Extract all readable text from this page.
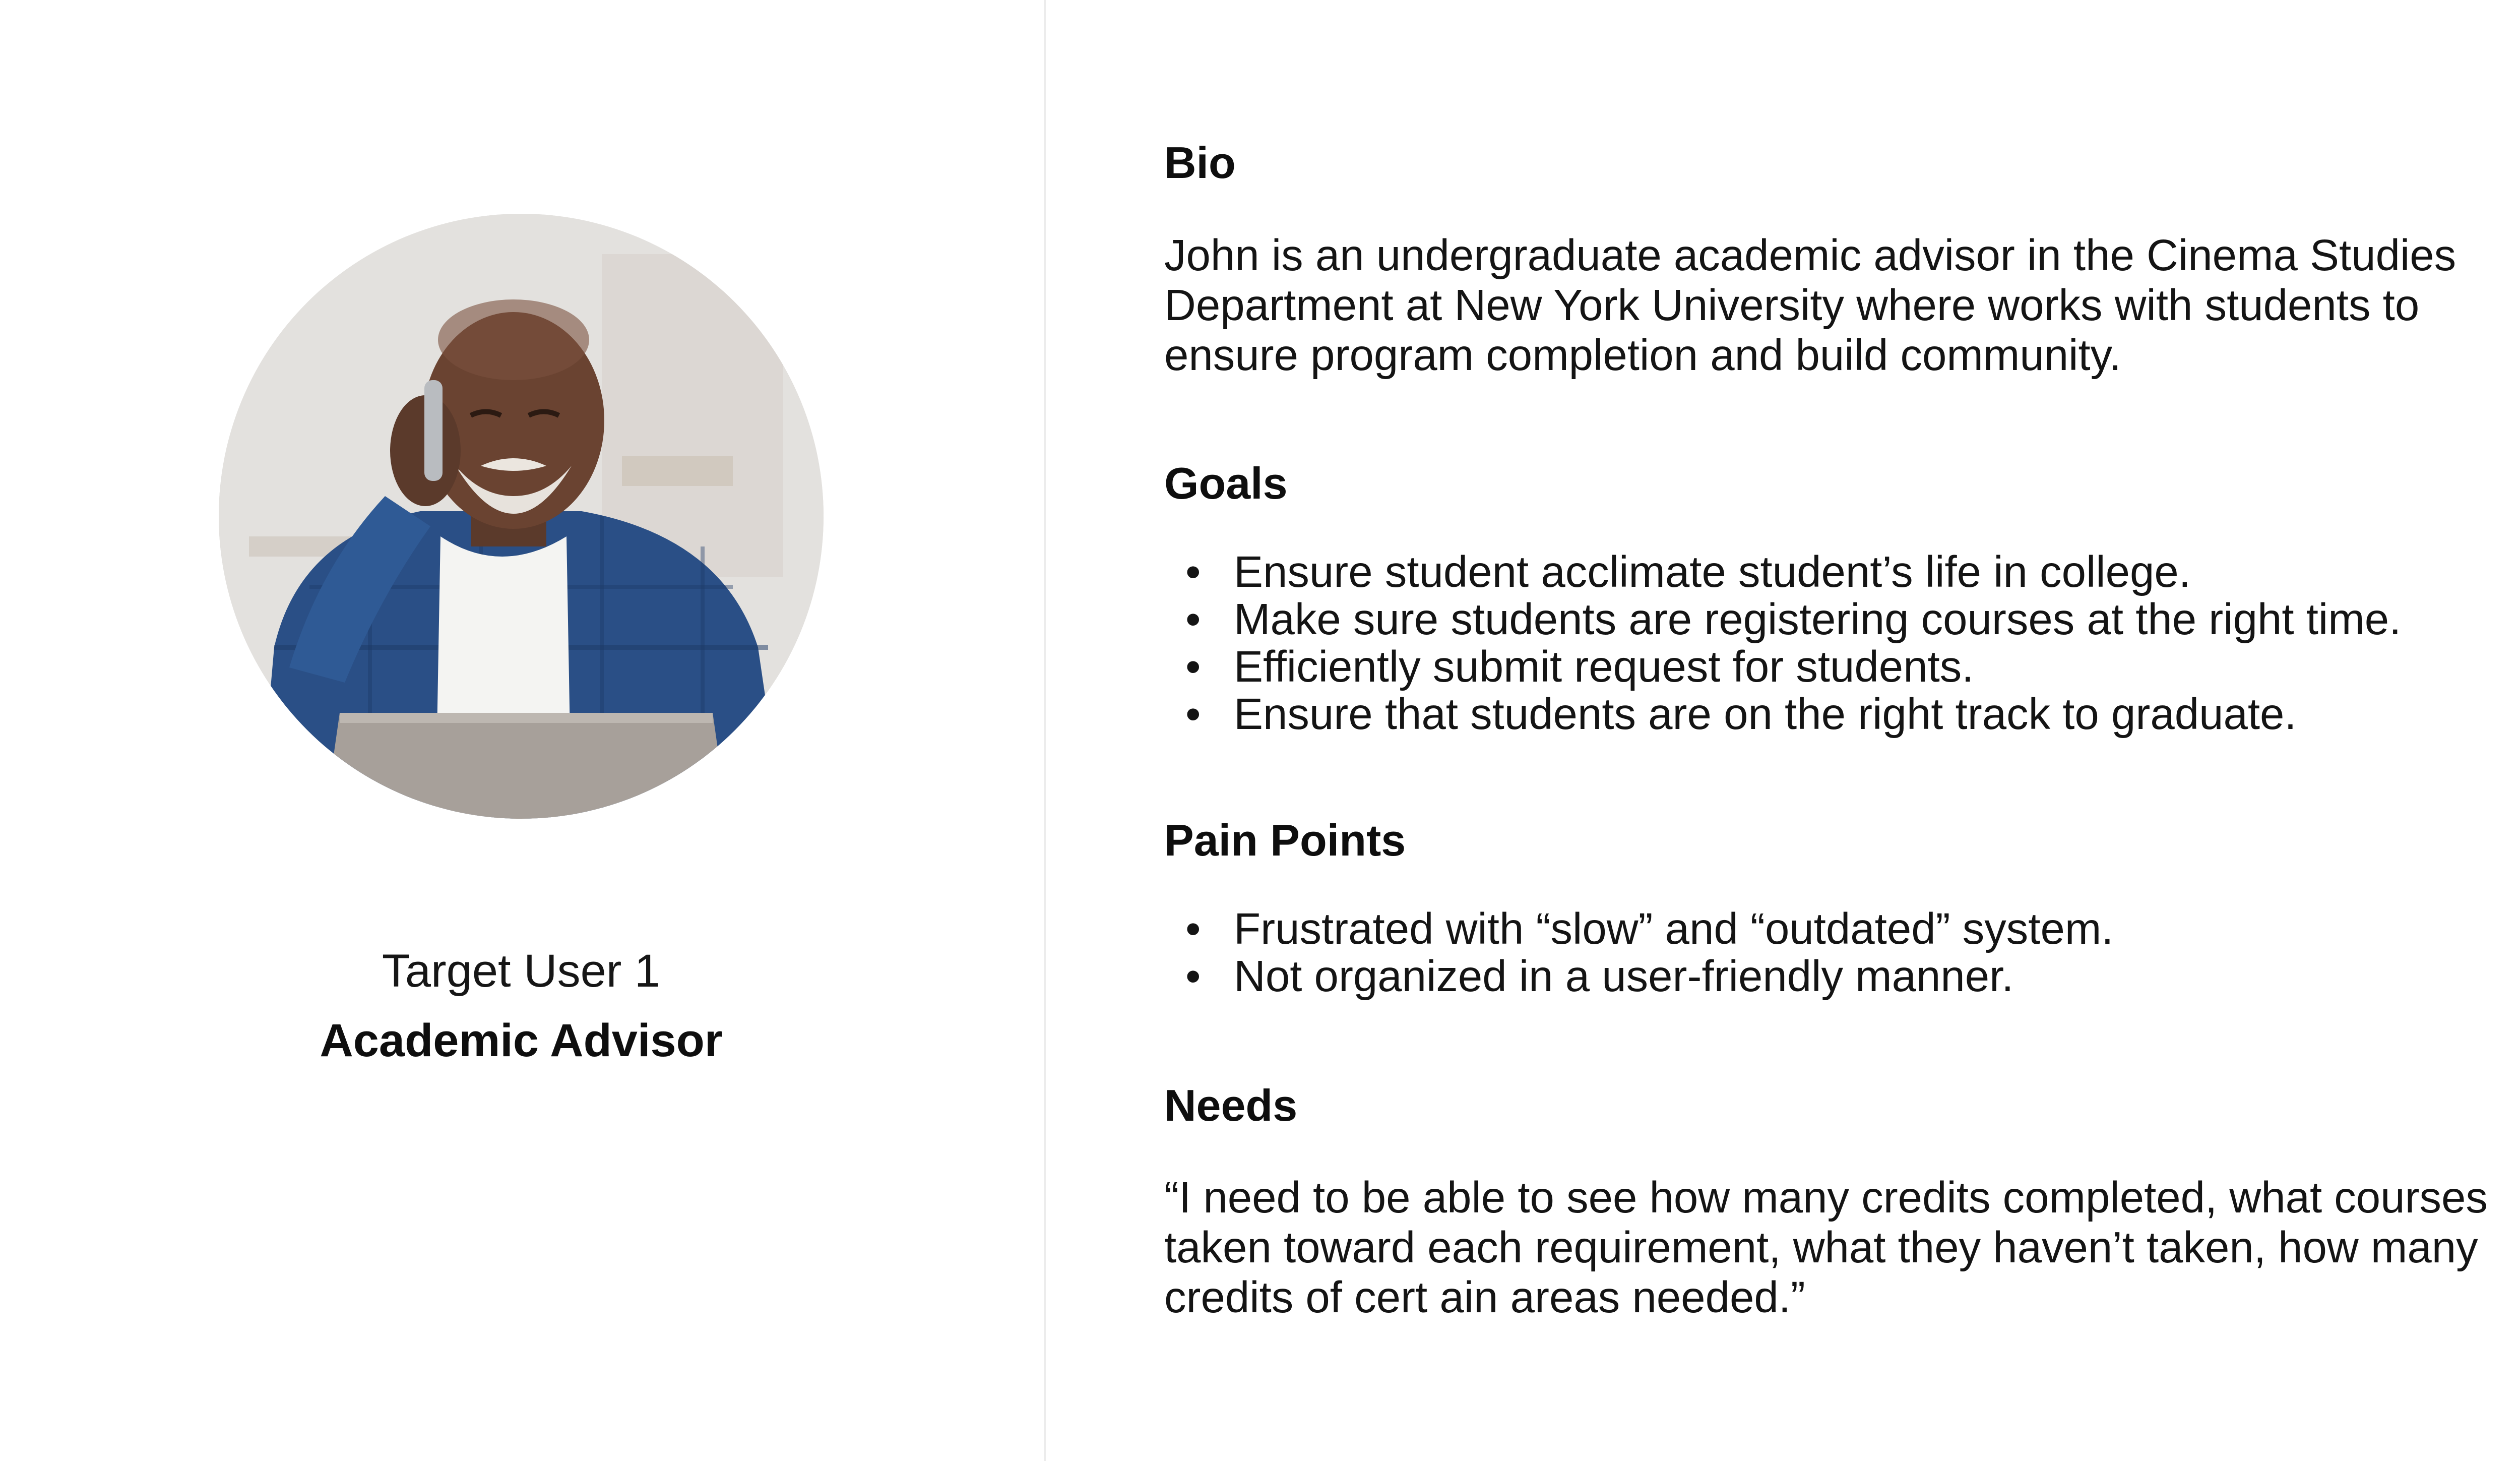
Target User 1
Academic Advisor
Bio
John is an undergraduate academic advisor in the Cinema Studies
Department at New York University where works with students to
ensure program completion and build community.
Goals
• Ensure student acclimate student’s life in college.
• Make sure students are registering courses at the right time.
• Efficiently submit request for students.
• Ensure that students are on the right track to graduate.
Pain Points
• Frustrated with “slow” and “outdated” system.
• Not organized in a user-friendly manner.
Needs
“I need to be able to see how many credits completed, what courses
taken toward each requirement, what they haven’t taken, how many
credits of cert ain areas needed.”
